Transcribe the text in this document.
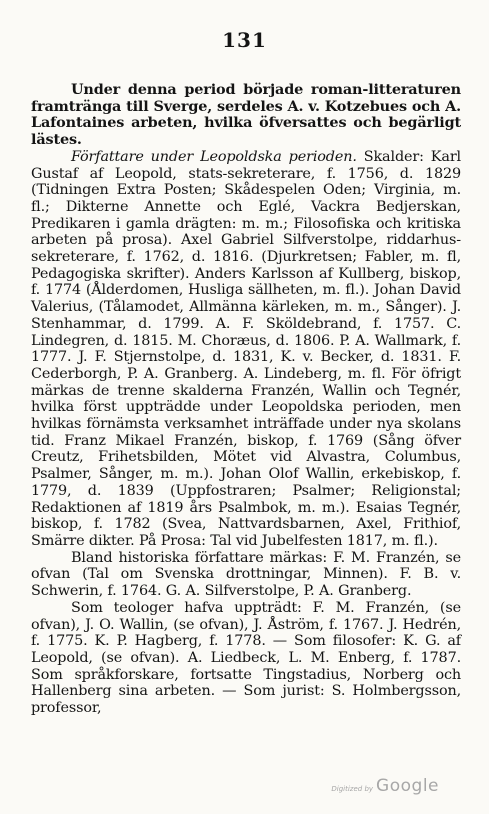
131

Under denna period började roman-litteraturen framtränga till Sverge, serdeles A. v. Kotzebues och A. Lafontaines arbeten, hvilka öfversattes och begärligt lästes.

Författare under Leopoldska perioden. Skalder: Karl Gustaf af Leopold, stats-sekreterare, f. 1756, d. 1829 (Tidningen Extra Posten; Skådespelen Oden; Virginia, m. fl.; Dikterne Annette och Eglé, Vackra Bedjerskan, Predikaren i gamla drägten: m. m.; Filosofiska och kritiska arbeten på prosa). Axel Gabriel Silfverstolpe, riddarhus-sekreterare, f. 1762, d. 1816. (Djurkretsen; Fabler, m. fl, Pedagogiska skrifter). Anders Karlsson af Kullberg, biskop, f. 1774 (Ålderdomen, Husliga sällheten, m. fl.). Johan David Valerius, (Tålamodet, Allmänna kärleken, m. m., Sånger). J. Stenhammar, d. 1799. A. F. Sköldebrand, f. 1757. C. Lindegren, d. 1815. M. Choræus, d. 1806. P. A. Wallmark, f. 1777. J. F. Stjernstolpe, d. 1831, K. v. Becker, d. 1831. F. Cederborgh, P. A. Granberg. A. Lindeberg, m. fl. För öfrigt märkas de trenne skalderna Franzén, Wallin och Tegnér, hvilka först uppträdde under Leopoldska perioden, men hvilkas förnämsta verksamhet inträffade under nya skolans tid. Franz Mikael Franzén, biskop, f. 1769 (Sång öfver Creutz, Frihetsbilden, Mötet vid Alvastra, Columbus, Psalmer, Sånger, m. m.). Johan Olof Wallin, erkebiskop, f. 1779, d. 1839 (Uppfostraren; Psalmer; Religionstal; Redaktionen af 1819 års Psalmbok, m. m.). Esaias Tegnér, biskop, f. 1782 (Svea, Nattvardsbarnen, Axel, Frithiof, Smärre dikter. På Prosa: Tal vid Jubelfesten 1817, m. fl.).

Bland historiska författare märkas: F. M. Franzén, se ofvan (Tal om Svenska drottningar, Minnen). F. B. v. Schwerin, f. 1764. G. A. Silfverstolpe, P. A. Granberg.

Som teologer hafva uppträdt: F. M. Franzén, (se ofvan), J. O. Wallin, (se ofvan), J. Åström, f. 1767. J. Hedrén, f. 1775. K. P. Hagberg, f. 1778. — Som filosofer: K. G. af Leopold, (se ofvan). A. Liedbeck, L. M. Enberg, f. 1787. Som språkforskare, fortsatte Tingstadius, Norberg och Hallenberg sina arbeten. — Som jurist: S. Holmbergsson, professor,

Digitized by Google
